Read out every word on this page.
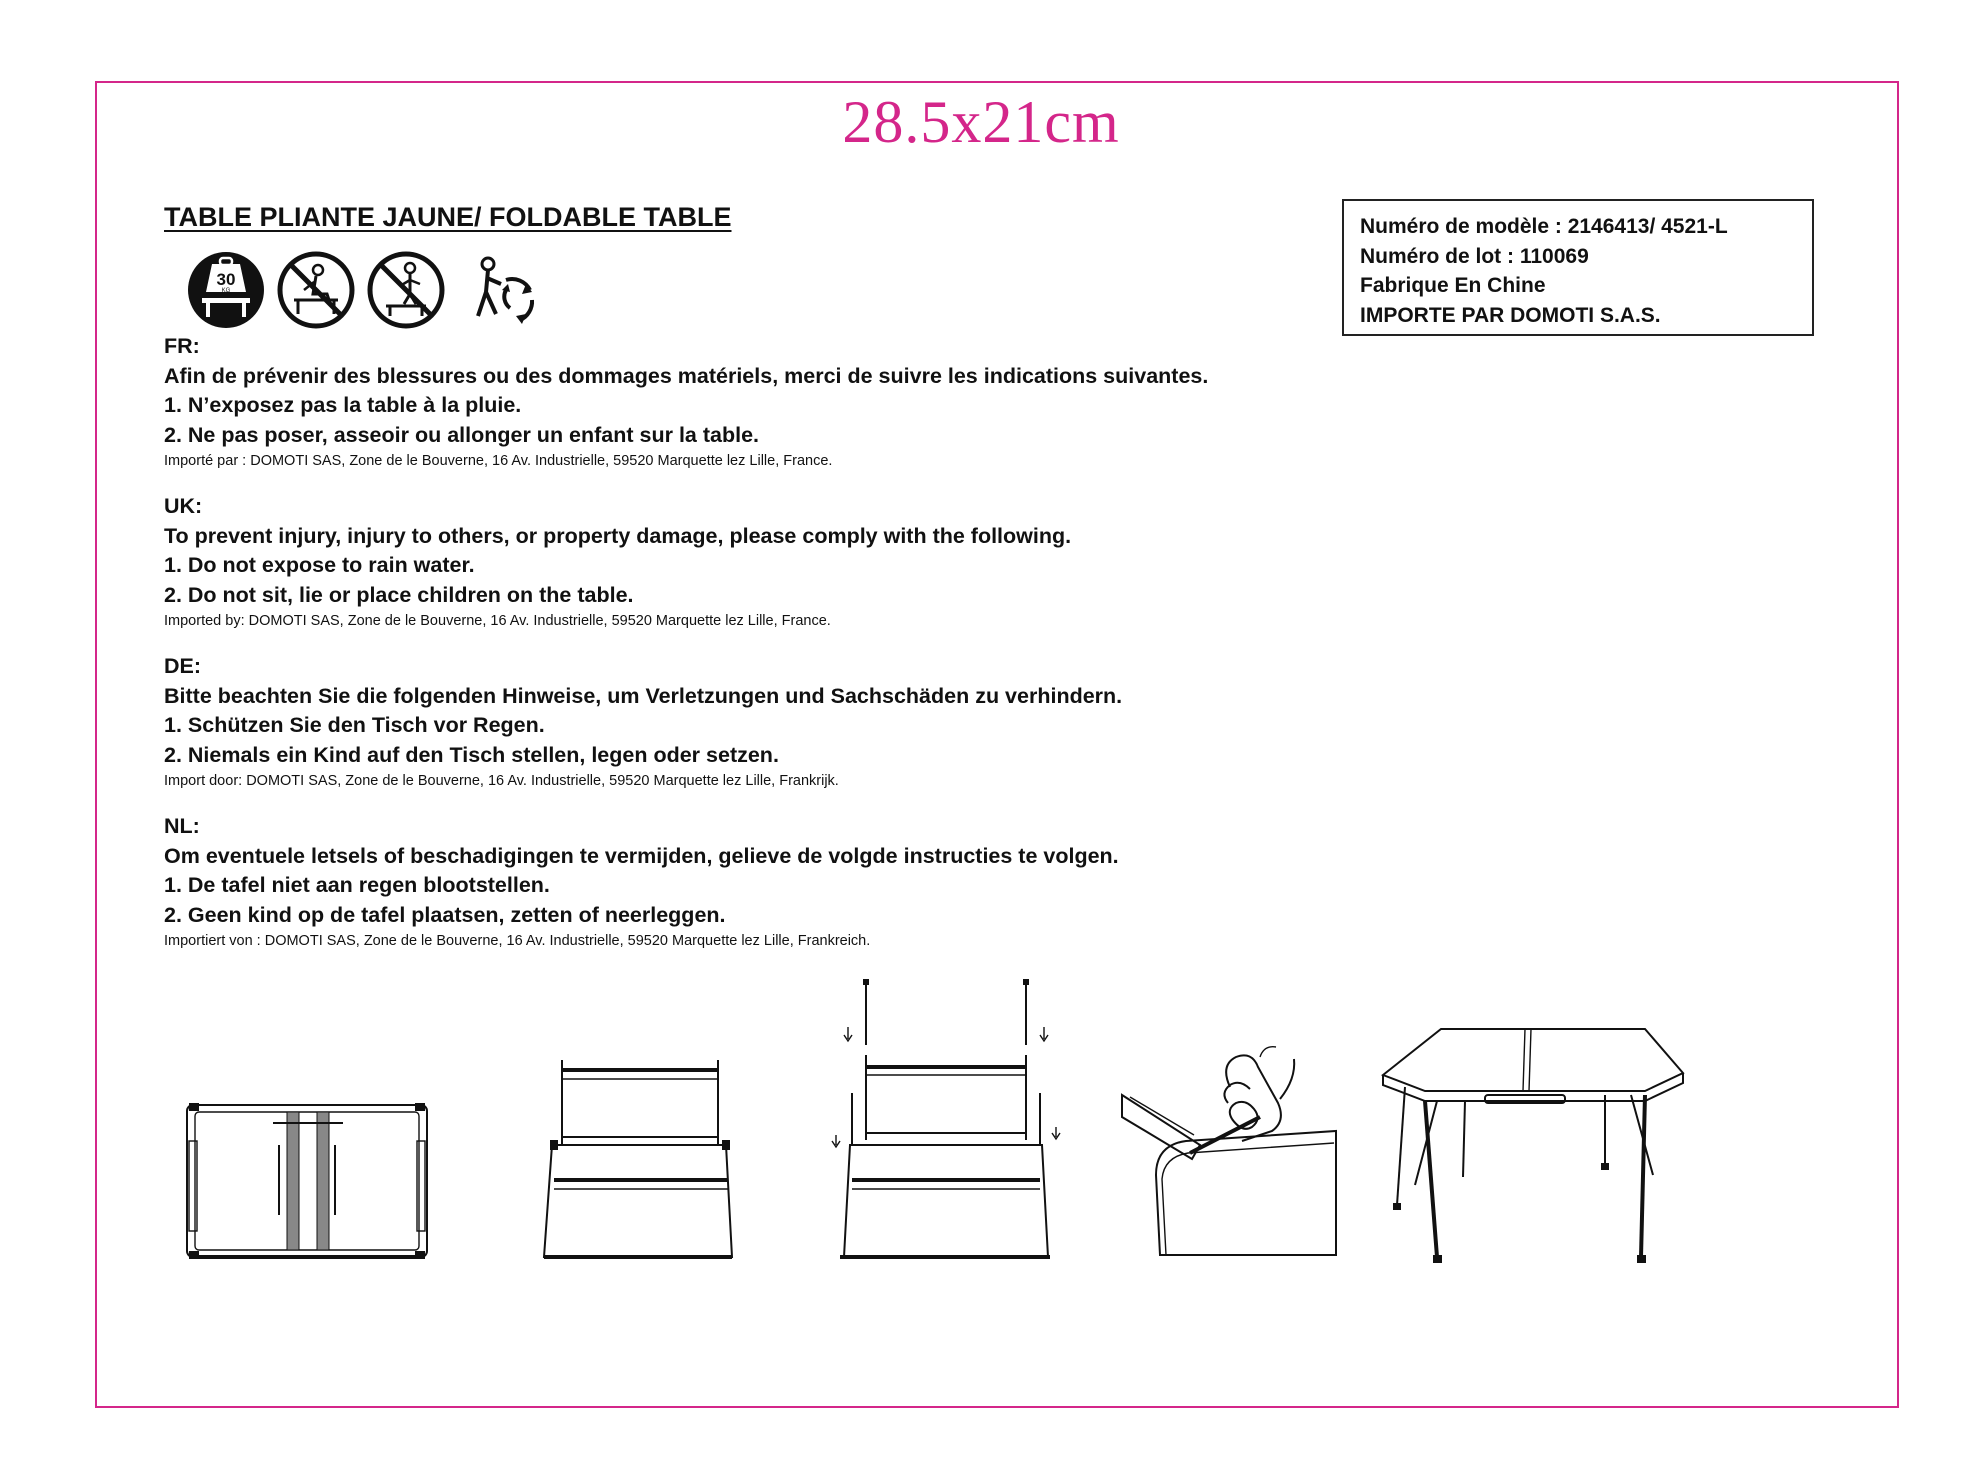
28.5x21cm
TABLE PLIANTE JAUNE/ FOLDABLE TABLE
30
KG
Numéro de modèle : 2146413/ 4521-L
Numéro de lot : 110069
Fabrique En Chine
IMPORTE PAR DOMOTI S.A.S.
FR:
Afin de prévenir des blessures ou des dommages matériels, merci de suivre les indications suivantes.
1. N’exposez pas la table à la pluie.
2. Ne pas poser, asseoir ou allonger un enfant sur la table.
Importé par : DOMOTI SAS, Zone de le Bouverne, 16 Av. Industrielle, 59520 Marquette lez Lille, France.
UK:
To prevent injury, injury to others, or property damage, please comply with the following.
1. Do not expose to rain water.
2. Do not sit, lie or place children on the table.
Imported by: DOMOTI SAS, Zone de le Bouverne, 16 Av. Industrielle, 59520 Marquette lez Lille, France.
DE:
Bitte beachten Sie die folgenden Hinweise, um Verletzungen und Sachschäden zu verhindern.
1. Schützen Sie den Tisch vor Regen.
2. Niemals ein Kind auf den Tisch stellen, legen oder setzen.
Import door: DOMOTI SAS, Zone de le Bouverne, 16 Av. Industrielle, 59520 Marquette lez Lille, Frankrijk.
NL:
Om eventuele letsels of beschadigingen te vermijden, gelieve de volgde instructies te volgen.
1. De tafel niet aan regen blootstellen.
2. Geen kind op de tafel plaatsen, zetten of neerleggen.
Importiert von : DOMOTI SAS, Zone de le Bouverne, 16 Av. Industrielle, 59520 Marquette lez Lille, Frankreich.
